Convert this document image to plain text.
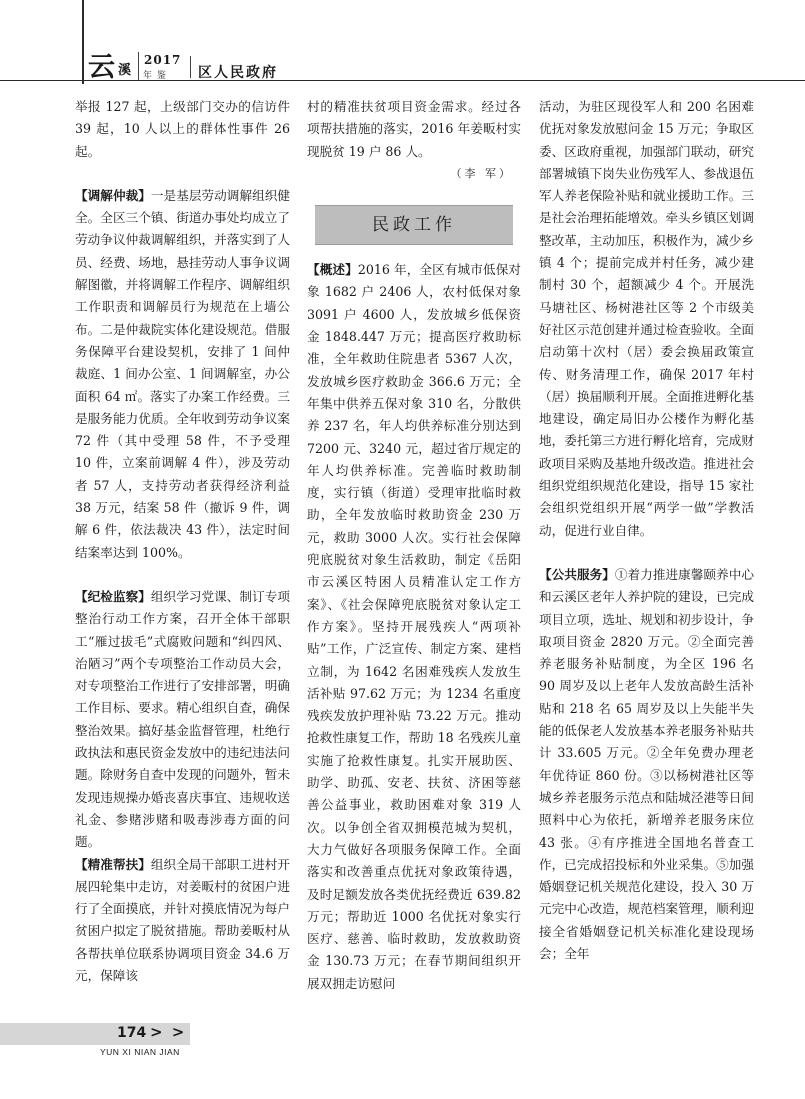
云 溪
2017
年 鉴 区人民政府

举报 127 起，上级部门交办的信访件 39 起，10 人以上的群体性事件 26 起。

【调解仲裁】一是基层劳动调解组织健全。全区三个镇、街道办事处均成立了劳动争议仲裁调解组织，并落实到了人员、经费、场地，悬挂劳动人事争议调解图徽，并将调解工作程序、调解组织工作职责和调解员行为规范在上墙公布。二是仲裁院实体化建设规范。借服务保障平台建设契机，安排了 1 间仲裁庭、1 间办公室、1 间调解室，办公面积 64 ㎡。落实了办案工作经费。三是服务能力优质。全年收到劳动争议案 72 件（其中受理 58 件，不予受理 10 件，立案前调解 4 件），涉及劳动者 57 人，支持劳动者获得经济利益 38 万元，结案 58 件（撤诉 9 件，调解 6 件，依法裁决 43 件），法定时间结案率达到 100%。

【纪检监察】组织学习党课、制订专项整治行动工作方案，召开全体干部职工“雁过拔毛”式腐败问题和“纠四风、治陋习”两个专项整治工作动员大会，对专项整治工作进行了安排部署，明确工作目标、要求。精心组织自查，确保整治效果。搞好基金监督管理，杜绝行政执法和惠民资金发放中的违纪违法问题。除财务自查中发现的问题外，暂未发现违规操办婚丧喜庆事宜、违规收送礼金、参赌涉赌和吸毒涉毒方面的问题。

【精准帮扶】组织全局干部职工进村开展四轮集中走访，对姜畈村的贫困户进行了全面摸底，并针对摸底情况为每户贫困户拟定了脱贫措施。帮助姜畈村从各帮扶单位联系协调项目资金 34.6 万元，保障该

村的精准扶贫项目资金需求。经过各项帮扶措施的落实，2016 年姜畈村实现脱贫 19 户 86 人。

（李 军）

民政工作

【概述】2016 年，全区有城市低保对象 1682 户 2406 人，农村低保对象 3091 户 4600 人，发放城乡低保资金 1848.447 万元；提高医疗救助标准，全年救助住院患者 5367 人次，发放城乡医疗救助金 366.6 万元；全年集中供养五保对象 310 名，分散供养 237 名，年人均供养标准分别达到 7200 元、3240 元，超过省厅规定的年人均供养标准。完善临时救助制度，实行镇（街道）受理审批临时救助，全年发放临时救助资金 230 万元，救助 3000 人次。实行社会保障兜底脱贫对象生活救助，制定《岳阳市云溪区特困人员精准认定工作方案》、《社会保障兜底脱贫对象认定工作方案》。坚持开展残疾人“两项补贴”工作，广泛宣传、制定方案、建档立制，为 1642 名困难残疾人发放生活补贴 97.62 万元；为 1234 名重度残疾发放护理补贴 73.22 万元。推动抢救性康复工作，帮助 18 名残疾儿童实施了抢救性康复。扎实开展助医、助学、助孤、安老、扶贫、济困等慈善公益事业，救助困难对象 319 人次。以争创全省双拥模范城为契机，大力气做好各项服务保障工作。全面落实和改善重点优抚对象政策待遇，及时足额发放各类优抚经费近 639.82 万元；帮助近 1000 名优抚对象实行医疗、慈善、临时救助，发放救助资金 130.73 万元；在春节期间组织开展双拥走访慰问

活动，为驻区现役军人和 200 名困难优抚对象发放慰问金 15 万元；争取区委、区政府重视，加强部门联动，研究部署城镇下岗失业伤残军人、参战退伍军人养老保险补贴和就业援助工作。三是社会治理拓能增效。牵头乡镇区划调整改革，主动加压，积极作为，减少乡镇 4 个；提前完成并村任务，减少建制村 30 个，超额减少 4 个。开展洗马塘社区、杨树港社区等 2 个市级美好社区示范创建并通过检查验收。全面启动第十次村（居）委会换届政策宣传、财务清理工作，确保 2017 年村（居）换届顺利开展。全面推进孵化基地建设，确定局旧办公楼作为孵化基地，委托第三方进行孵化培育，完成财政项目采购及基地升级改造。推进社会组织党组织规范化建设，指导 15 家社会组织党组织开展“两学一做”学教活动，促进行业自律。

【公共服务】①着力推进康馨颐养中心和云溪区老年人养护院的建设，已完成项目立项，选址、规划和初步设计，争取项目资金 2820 万元。②全面完善养老服务补贴制度，为全区 196 名 90 周岁及以上老年人发放高龄生活补贴和 218 名 65 周岁及以上失能半失能的低保老人发放基本养老服务补贴共计 33.605 万元。②全年免费办理老年优待证 860 份。③以杨树港社区等城乡养老服务示范点和陆城泾港等日间照料中心为依托，新增养老服务床位 43 张。④有序推进全国地名普查工作，已完成招投标和外业采集。⑤加强婚姻登记机关规范化建设，投入 30 万元完中心改造，规范档案管理，顺利迎接全省婚姻登记机关标准化建设现场会；全年

174 > >
YUN XI NIAN JIAN
